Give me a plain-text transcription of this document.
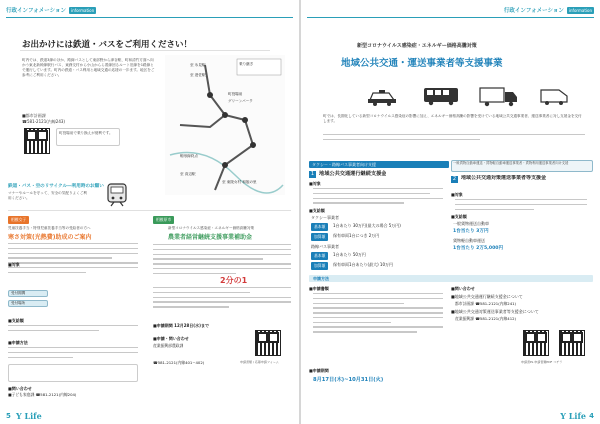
行政インフォメーション	information
お出かけには鉄道・バスをご利用ください！
町内では、鉄道3線のほか、路線バスとして東部野から津谷駅、町和清竹方面へ向かう東北新幹線駅行バス、東務交村から小山からら着線回るルート旧線を1路線とで運行しています。町内の鉄道・バス利用と地域交通の応援の一歩ます。地区をご参考にご利用ください。
■都市計画課
☎581-2121(内線243)
町役場前で乗り換えが便利です。
至 氷見駅	乗り継ぎ
至 遊佐駅
町役場前
グリーンパーク
駒形線終点
至 高辺駅
至 東陵女村 和姫の里
鉄道・バス・空のリサイクル―利用時のお願い
マナーやルールを守って、安全の気配りよくご利用ください。
相模女子
児童扶養手当・特別児童扶養手当等の受給者の方へ
寒さ対策(光熱費)助成のご案内
■対象
受付期間
受付場所
■支給額
■申請方法
■問い合わせ
■子ども家庭課 ☎581-2121(内線204)
相模原市
新型コロナウイルス感染症・エネルギー価格高騰対策
農業者経営継続支援事業補助金
2分の1
■申請期間 12月28日(水)まで
■申請・問い合わせ
産業振興部農政課
☎581-2121(内線401~402)	申請書類 / 応募申請フォーム
5 Y Life
行政インフォメーション	information
新型コロナウイルス感染症・エネルギー価格高騰対策
地域公共交通・運送事業者等支援事業
町では、長期化している新型コロナウイルス感染症の影響に加え、エネルギー価格高騰の影響を受けている地域公共交通事業者、運送事業者に対し支援金を交付します。
タクシー・路線バス事業者向け支援
1 地域公共交通運行継続支援金
■対象
■支給額
タクシー事業者
基本額	1台あたり 30万円(最大の場合 5万円)
加算額	保有車両1台につき 2万円
路線バス事業者
基本額	1台あたり 50万円
加算額	保有車両1台あたり(最大) 10万円
一般貨物自動車運送・貨物軽自動車運送事業者・貨物利用運送事業者向け支援
2 地域公共交通対策運送事業者等支援金
■対象
■支給額
一般貨物運送自動車
1台当たり 3万円
貨物軽自動車運送
1台当たり 2万5,000円
申請方法
■申請書類
■申請期間
8月17日(木)~10月31日(火)
■問い合わせ
■地域公共交通運行継続支援金について
都市計画課 ☎581-2121(内線241)
■地域公共交通対策運送事業者等支援金について
産業振興課 ☎581-2121(内線412)
申請書PL 申請書類PDF コチラ
Y Life 4
